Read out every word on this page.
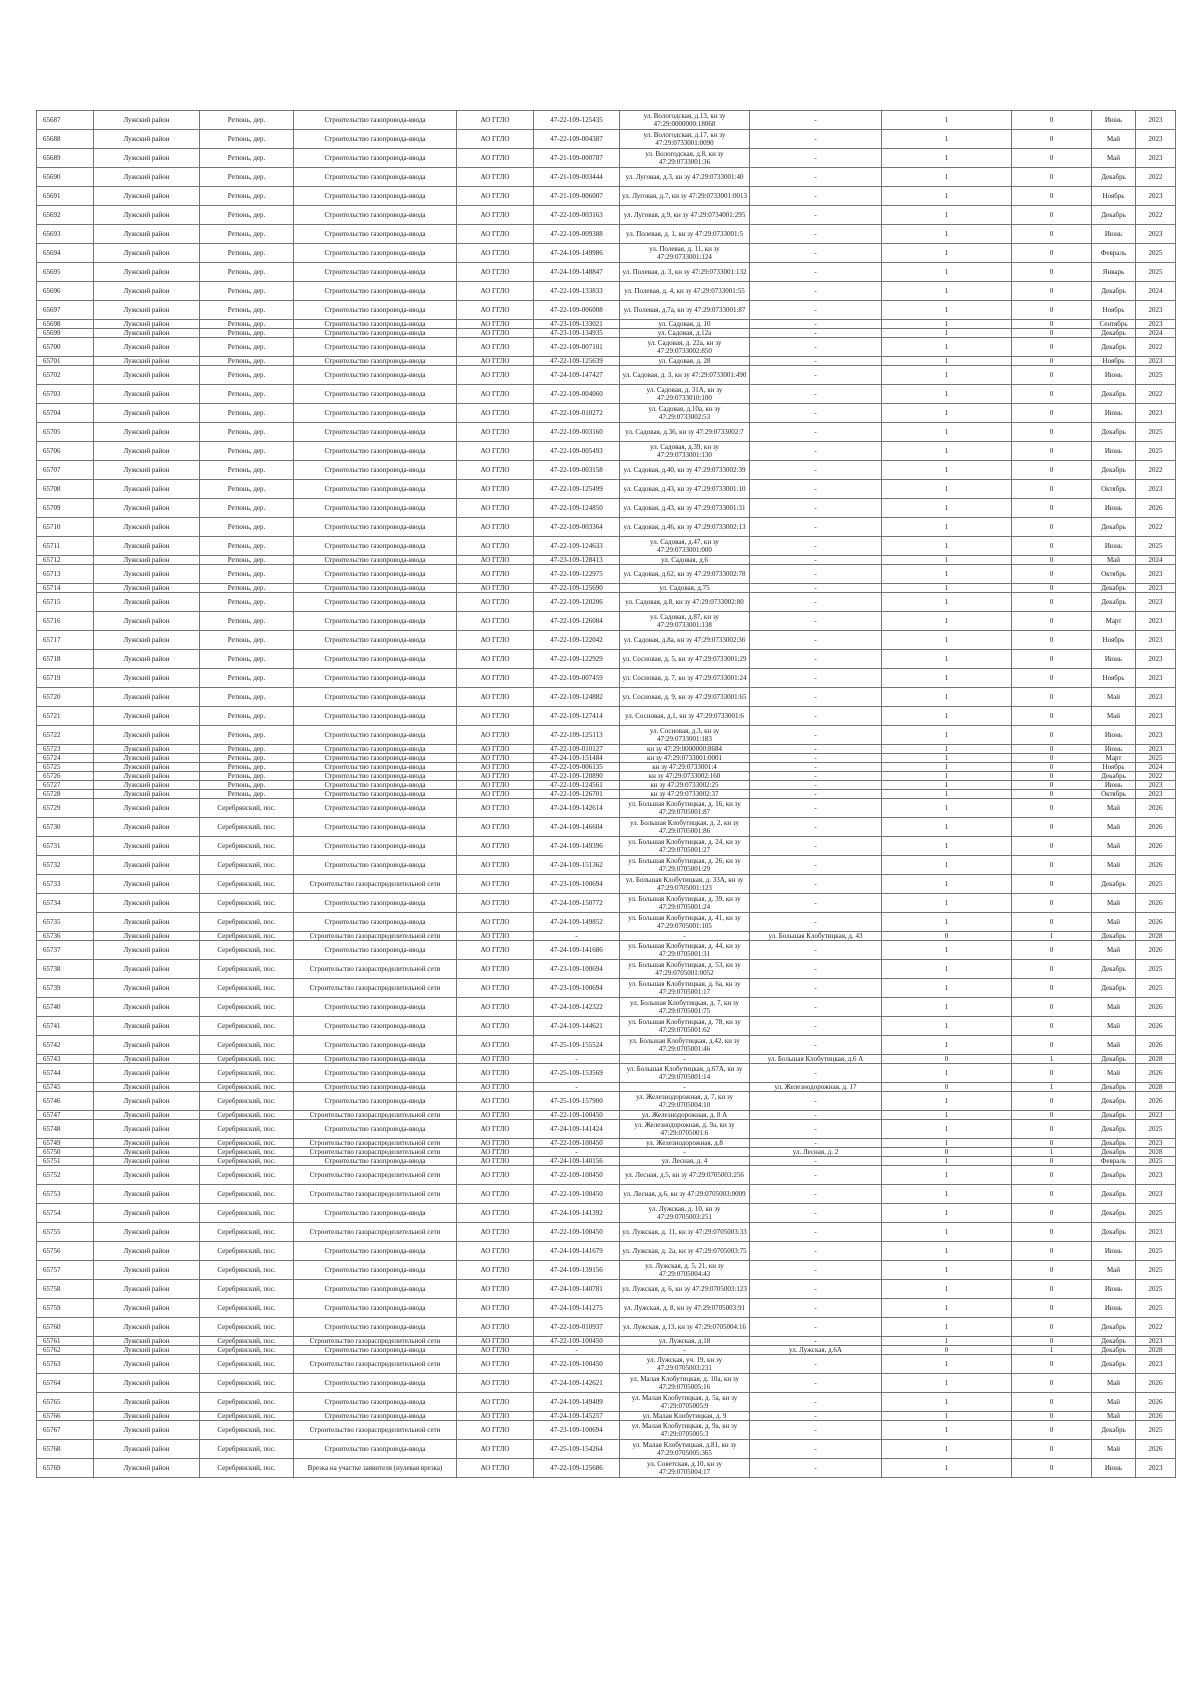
65687	Лужский район	Ретюнь, дер.	Строительство газопровода-ввода	АО ГГЛО	47-22-109-125435	ул. Вологодская, д.13, кн зу 47:29:0000000:18068	-	1	0	Июнь	2023
65688	Лужский район	Ретюнь, дер.	Строительство газопровода-ввода	АО ГГЛО	47-22-109-004387	ул. Вологодская, д.17, кн зу 47:29:0733001:0090	-	1	0	Май	2023
65689	Лужский район	Ретюнь, дер.	Строительство газопровода-ввода	АО ГГЛО	47-21-109-000787	ул. Вологодская, д.8, кн зу 47:29:0733001:36	-	1	0	Май	2023
65690	Лужский район	Ретюнь, дер.	Строительство газопровода-ввода	АО ГГЛО	47-21-109-003444	ул. Луговая, д.3, кн зу 47:29:0733001:40	-	1	0	Декабрь	2022
65691	Лужский район	Ретюнь, дер.	Строительство газопровода-ввода	АО ГГЛО	47-21-109-006007	ул. Луговая, д.7, кн зу 47:29:0733001:0013	-	1	0	Ноябрь	2023
65692	Лужский район	Ретюнь, дер.	Строительство газопровода-ввода	АО ГГЛО	47-22-109-003163	ул. Луговая, д.9, кн зу 47:29:0734001:295	-	1	0	Декабрь	2022
65693	Лужский район	Ретюнь, дер.	Строительство газопровода-ввода	АО ГГЛО	47-22-109-009388	ул. Полевая, д. 1, кн зу 47:29:0733001:5	-	1	0	Июнь	2023
65694	Лужский район	Ретюнь, дер.	Строительство газопровода-ввода	АО ГГЛО	47-24-109-149986	ул. Полевая, д. 11, кн зу 47:29:0733001:124	-	1	0	Февраль	2025
65695	Лужский район	Ретюнь, дер.	Строительство газопровода-ввода	АО ГГЛО	47-24-109-148847	ул. Полевая, д. 3, кн зу 47:29:0733001:132	-	1	0	Январь	2025
65696	Лужский район	Ретюнь, дер.	Строительство газопровода-ввода	АО ГГЛО	47-22-109-133833	ул. Полевая, д. 4, кн зу 47:29:0733001:55	-	1	0	Декабрь	2024
65697	Лужский район	Ретюнь, дер.	Строительство газопровода-ввода	АО ГГЛО	47-22-109-006008	ул. Полевая, д.7а, кн зу 47:29:0733001:87	-	1	0	Ноябрь	2023
65698	Лужский район	Ретюнь, дер.	Строительство газопровода-ввода	АО ГГЛО	47-23-109-133021	ул. Садовая, д. 10	-	1	0	Сентябрь	2023
65699	Лужский район	Ретюнь, дер.	Строительство газопровода-ввода	АО ГГЛО	47-23-109-134935	ул. Садовая, д.12а	-	1	0	Декабрь	2024
65700	Лужский район	Ретюнь, дер.	Строительство газопровода-ввода	АО ГГЛО	47-22-109-007101	ул. Садовая, д. 22а, кн зу 47:29:0733002:850	-	1	0	Декабрь	2022
65701	Лужский район	Ретюнь, дер.	Строительство газопровода-ввода	АО ГГЛО	47-22-109-125639	ул. Садовая, д. 28	-	1	0	Ноябрь	2023
65702	Лужский район	Ретюнь, дер.	Строительство газопровода-ввода	АО ГГЛО	47-24-109-147427	ул. Садовая, д. 3, кн зу 47:29:0733001:490	-	1	0	Июнь	2025
65703	Лужский район	Ретюнь, дер.	Строительство газопровода-ввода	АО ГГЛО	47-22-109-004060	ул. Садовая, д. 31А, кн зу 47:29:0733010:100	-	1	0	Декабрь	2022
65704	Лужский район	Ретюнь, дер.	Строительство газопровода-ввода	АО ГГЛО	47-22-109-010272	ул. Садовая, д.10а, кн зу 47:29:0733002:53	-	1	0	Июнь	2023
65705	Лужский район	Ретюнь, дер.	Строительство газопровода-ввода	АО ГГЛО	47-22-109-003160	ул. Садовая, д.36, кн зу 47:29:0733002:7	-	1	0	Декабрь	2025
65706	Лужский район	Ретюнь, дер.	Строительство газопровода-ввода	АО ГГЛО	47-22-109-005493	ул. Садовая, д.39, кн зу 47:29:0733001:130	-	1	0	Июнь	2025
65707	Лужский район	Ретюнь, дер.	Строительство газопровода-ввода	АО ГГЛО	47-22-109-003158	ул. Садовая, д.40, кн зу 47:29:0733002:39	-	1	0	Декабрь	2022
65708	Лужский район	Ретюнь, дер.	Строительство газопровода-ввода	АО ГГЛО	47-22-109-125499	ул. Садовая, д.43, кн зу 47:29:0733001:10	-	1	0	Октябрь	2023
65709	Лужский район	Ретюнь, дер.	Строительство газопровода-ввода	АО ГГЛО	47-22-109-124850	ул. Садовая, д.43, кн зу 47:29:0733001:31	-	1	0	Июнь	2026
65710	Лужский район	Ретюнь, дер.	Строительство газопровода-ввода	АО ГГЛО	47-22-109-003364	ул. Садовая, д.46, кн зу 47:29:0733002:13	-	1	0	Декабрь	2022
65711	Лужский район	Ретюнь, дер.	Строительство газопровода-ввода	АО ГГЛО	47-22-109-124633	ул. Садовая, д.47, кн зу 47:29:0733001:000	-	1	0	Июнь	2025
65712	Лужский район	Ретюнь, дер.	Строительство газопровода-ввода	АО ГГЛО	47-23-109-128413	ул. Садовая, д.6	-	1	0	Май	2024
65713	Лужский район	Ретюнь, дер.	Строительство газопровода-ввода	АО ГГЛО	47-22-109-122975	ул. Садовая, д.62, кн зу 47:29:0733002:78	-	1	0	Октябрь	2023
65714	Лужский район	Ретюнь, дер.	Строительство газопровода-ввода	АО ГГЛО	47-22-109-125690	ул. Садовая, д.75	-	1	0	Декабрь	2023
65715	Лужский район	Ретюнь, дер.	Строительство газопровода-ввода	АО ГГЛО	47-22-109-120206	ул. Садовая, д.8, кн зу 47:29:0733002:80	-	1	0	Декабрь	2023
65716	Лужский район	Ретюнь, дер.	Строительство газопровода-ввода	АО ГГЛО	47-22-109-126084	ул. Садовая, д.87, кн зу 47:29:0733001:138	-	1	0	Март	2023
65717	Лужский район	Ретюнь, дер.	Строительство газопровода-ввода	АО ГГЛО	47-22-109-122042	ул. Садовая, д.8а, кн зу 47:29:0733002:36	-	1	0	Ноябрь	2023
65718	Лужский район	Ретюнь, дер.	Строительство газопровода-ввода	АО ГГЛО	47-22-109-122929	ул. Сосновая, д. 5, кн зу 47:29:0733001:29	-	1	0	Июнь	2023
65719	Лужский район	Ретюнь, дер.	Строительство газопровода-ввода	АО ГГЛО	47-22-109-007459	ул. Сосновая, д. 7, кн зу 47:29:0733001:24	-	1	0	Ноябрь	2023
65720	Лужский район	Ретюнь, дер.	Строительство газопровода-ввода	АО ГГЛО	47-22-109-124882	ул. Сосновая, д. 9, кн зу 47:29:0733001:65	-	1	0	Май	2023
65721	Лужский район	Ретюнь, дер.	Строительство газопровода-ввода	АО ГГЛО	47-22-109-127414	ул. Сосновая, д.1, кн зу 47:29:0733001:6	-	1	0	Май	2023
65722	Лужский район	Ретюнь, дер.	Строительство газопровода-ввода	АО ГГЛО	47-22-109-125113	ул. Сосновая, д.3, кн зу 47:29:0733001:183	-	1	0	Июнь	2023
65723	Лужский район	Ретюнь, дер.	Строительство газопровода-ввода	АО ГГЛО	47-22-109-010127	кн зу 47:29:0000000:8684	-	1	0	Июнь	2023
65724	Лужский район	Ретюнь, дер.	Строительство газопровода-ввода	АО ГГЛО	47-24-109-151484	кн зу 47:29:0733001:0001	-	1	0	Март	2025
65725	Лужский район	Ретюнь, дер.	Строительство газопровода-ввода	АО ГГЛО	47-22-109-006135	кн зу 47:29:0733001:4	-	1	0	Ноябрь	2024
65726	Лужский район	Ретюнь, дер.	Строительство газопровода-ввода	АО ГГЛО	47-22-109-120890	кн зу 47:29:0733002:160	-	1	0	Декабрь	2022
65727	Лужский район	Ретюнь, дер.	Строительство газопровода-ввода	АО ГГЛО	47-22-109-124561	кн зу 47:29:0733002:25	-	1	0	Июнь	2023
65728	Лужский район	Ретюнь, дер.	Строительство газопровода-ввода	АО ГГЛО	47-22-109-126701	кн зу 47:29:0733002:37	-	1	0	Октябрь	2023
65729	Лужский район	Серебрянский, пос.	Строительство газопровода-ввода	АО ГГЛО	47-24-109-142614	ул. Большая Клобутицкая, д. 16, кн зу 47:29:0705001:87	-	1	0	Май	2026
65730	Лужский район	Серебрянский, пос.	Строительство газопровода-ввода	АО ГГЛО	47-24-109-146604	ул. Большая Клобутицкая, д. 2, кн зу 47:29:0705001:86	-	1	0	Май	2026
65731	Лужский район	Серебрянский, пос.	Строительство газопровода-ввода	АО ГГЛО	47-24-109-149396	ул. Большая Клобутицкая, д. 24, кн зу 47:29:0705001:27	-	1	0	Май	2026
65732	Лужский район	Серебрянский, пос.	Строительство газопровода-ввода	АО ГГЛО	47-24-109-151362	ул. Большая Клобутицкая, д. 26, кн зу 47:29:0705001:29	-	1	0	Май	2026
65733	Лужский район	Серебрянский, пос.	Строительство газораспределительной сети	АО ГГЛО	47-23-109-100694	ул. Большая Клобутицкая, д. 33А, кн зу 47:29:0705001:123	-	1	0	Декабрь	2025
65734	Лужский район	Серебрянский, пос.	Строительство газопровода-ввода	АО ГГЛО	47-24-109-150772	ул. Большая Клобутицкая, д. 39, кн зу 47:29:0705001:24	-	1	0	Май	2026
65735	Лужский район	Серебрянский, пос.	Строительство газопровода-ввода	АО ГГЛО	47-24-109-149852	ул. Большая Клобутицкая, д. 41, кн зу 47:29:0705001:105	-	1	0	Май	2026
65736	Лужский район	Серебрянский, пос.	Строительство газораспределительной сети	АО ГГЛО	-	-	ул. Большая Клобутицкая, д. 43	0	1	Декабрь	2028
65737	Лужский район	Серебрянский, пос.	Строительство газопровода-ввода	АО ГГЛО	47-24-109-141686	ул. Большая Клобутицкая, д. 44, кн зу 47:29:0705001:31	-	1	0	Май	2026
65738	Лужский район	Серебрянский, пос.	Строительство газораспределительной сети	АО ГГЛО	47-23-109-100694	ул. Большая Клобутицкая, д. 53, кн зу 47:29:0705001:0052	-	1	0	Декабрь	2025
65739	Лужский район	Серебрянский, пос.	Строительство газораспределительной сети	АО ГГЛО	47-23-109-100694	ул. Большая Клобутицкая, д. 6а, кн зу 47:29:0705001:17	-	1	0	Декабрь	2025
65740	Лужский район	Серебрянский, пос.	Строительство газопровода-ввода	АО ГГЛО	47-24-109-142322	ул. Большая Клобутицкая, д. 7, кн зу 47:29:0705001:75	-	1	0	Май	2026
65741	Лужский район	Серебрянский, пос.	Строительство газопровода-ввода	АО ГГЛО	47-24-109-144621	ул. Большая Клобутицкая, д. 78, кн зу 47:29:0705001:62	-	1	0	Май	2026
65742	Лужский район	Серебрянский, пос.	Строительство газопровода-ввода	АО ГГЛО	47-25-109-155524	ул. Большая Клобутицкая, д.42, кн зу 47:29:0705001:46	-	1	0	Май	2026
65743	Лужский район	Серебрянский, пос.	Строительство газопровода-ввода	АО ГГЛО	-	-	ул. Большая Клобутицкая, д.6 А	0	1	Декабрь	2028
65744	Лужский район	Серебрянский, пос.	Строительство газопровода-ввода	АО ГГЛО	47-25-109-153569	ул. Большая Клобутицкая, д.67А, кн зу 47:29:0705001:14	-	1	0	Май	2026
65745	Лужский район	Серебрянский, пос.	Строительство газопровода-ввода	АО ГГЛО	-	-	ул. Железнодорожная, д. 17	0	1	Декабрь	2028
65746	Лужский район	Серебрянский, пос.	Строительство газопровода-ввода	АО ГГЛО	47-25-109-157900	ул. Железнодорожная, д. 7, кн зу 47:29:0705004:10	-	1	0	Декабрь	2026
65747	Лужский район	Серебрянский, пос.	Строительство газораспределительной сети	АО ГГЛО	47-22-109-100450	ул. Железнодорожная, д. 8 А	-	1	0	Декабрь	2023
65748	Лужский район	Серебрянский, пос.	Строительство газопровода-ввода	АО ГГЛО	47-24-109-141424	ул. Железнодорожная, д. 9а, кн зу 47:29:0705001:6	-	1	0	Декабрь	2025
65749	Лужский район	Серебрянский, пос.	Строительство газораспределительной сети	АО ГГЛО	47-22-109-100450	ул. Железнодорожная, д.8	-	1	0	Декабрь	2023
65750	Лужский район	Серебрянский, пос.	Строительство газораспределительной сети	АО ГГЛО	-	-	ул. Лесная, д. 2	0	1	Декабрь	2028
65751	Лужский район	Серебрянский, пос.	Строительство газопровода-ввода	АО ГГЛО	47-24-109-140156	ул. Лесная, д. 4	-	1	0	Февраль	2025
65752	Лужский район	Серебрянский, пос.	Строительство газораспределительной сети	АО ГГЛО	47-22-109-100450	ул. Лесная, д.5, кн зу 47:29:0705003:256	-	1	0	Декабрь	2023
65753	Лужский район	Серебрянский, пос.	Строительство газораспределительной сети	АО ГГЛО	47-22-109-100450	ул. Лесная, д.6, кн зу 47:29:0705003:0009	-	1	0	Декабрь	2023
65754	Лужский район	Серебрянский, пос.	Строительство газопровода-ввода	АО ГГЛО	47-24-109-141392	ул. Лужская, д. 10, кн зу 47:29:0705003:251	-	1	0	Декабрь	2025
65755	Лужский район	Серебрянский, пос.	Строительство газораспределительной сети	АО ГГЛО	47-22-109-100450	ул. Лужская, д. 11, кн зу 47:29:0705003:33	-	1	0	Декабрь	2023
65756	Лужский район	Серебрянский, пос.	Строительство газопровода-ввода	АО ГГЛО	47-24-109-141679	ул. Лужская, д. 2а, кн зу 47:29:0705003:75	-	1	0	Июнь	2025
65757	Лужский район	Серебрянский, пос.	Строительство газопровода-ввода	АО ГГЛО	47-24-109-139156	ул. Лужская, д. 5, 21, кн зу 47:29:0705004:43	-	1	0	Май	2025
65758	Лужский район	Серебрянский, пос.	Строительство газопровода-ввода	АО ГГЛО	47-24-109-140781	ул. Лужская, д. 6, кн зу 47:29:0705003:123	-	1	0	Июнь	2025
65759	Лужский район	Серебрянский, пос.	Строительство газопровода-ввода	АО ГГЛО	47-24-109-141275	ул. Лужская, д. 8, кн зу 47:29:0705003:91	-	1	0	Июнь	2025
65760	Лужский район	Серебрянский, пос.	Строительство газопровода-ввода	АО ГГЛО	47-22-109-010937	ул. Лужская, д.13, кн зу 47:29:0705004:16	-	1	0	Декабрь	2022
65761	Лужский район	Серебрянский, пос.	Строительство газораспределительной сети	АО ГГЛО	47-22-109-100450	ул. Лужская, д.18	-	1	0	Декабрь	2023
65762	Лужский район	Серебрянский, пос.	Строительство газопровода-ввода	АО ГГЛО	-	-	ул. Лужская, д.6А	0	1	Декабрь	2028
65763	Лужский район	Серебрянский, пос.	Строительство газораспределительной сети	АО ГГЛО	47-22-109-100450	ул. Лужская, уч. 19, кн зу 47:29:0705003:231	-	1	0	Декабрь	2023
65764	Лужский район	Серебрянский, пос.	Строительство газопровода-ввода	АО ГГЛО	47-24-109-142621	ул. Малая Клобутицкая, д. 10а, кн зу 47:29:0705005:16	-	1	0	Май	2026
65765	Лужский район	Серебрянский, пос.	Строительство газопровода-ввода	АО ГГЛО	47-24-109-149409	ул. Малая Клобутицкая, д. 5а, кн зу 47:29:0705005:9	-	1	0	Май	2026
65766	Лужский район	Серебрянский, пос.	Строительство газопровода-ввода	АО ГГЛО	47-24-109-145257	ул. Малая Клобутицкая, д. 9	-	1	0	Май	2026
65767	Лужский район	Серебрянский, пос.	Строительство газораспределительной сети	АО ГГЛО	47-23-109-100694	ул. Малая Клобутицкая, д. 9а, кн зу 47:29:0705005:3	-	1	0	Декабрь	2025
65768	Лужский район	Серебрянский, пос.	Строительство газопровода-ввода	АО ГГЛО	47-25-109-154264	ул. Малая Клобутицкая, д.81, кн зу 47:29:0705005:365	-	1	0	Май	2026
65769	Лужский район	Серебрянский, пос.	Врезка на участке заявителя (нулевая врезка)	АО ГГЛО	47-22-109-125686	ул. Советская, д.10, кн зу 47:29:0705004:17	-	1	0	Июнь	2023
